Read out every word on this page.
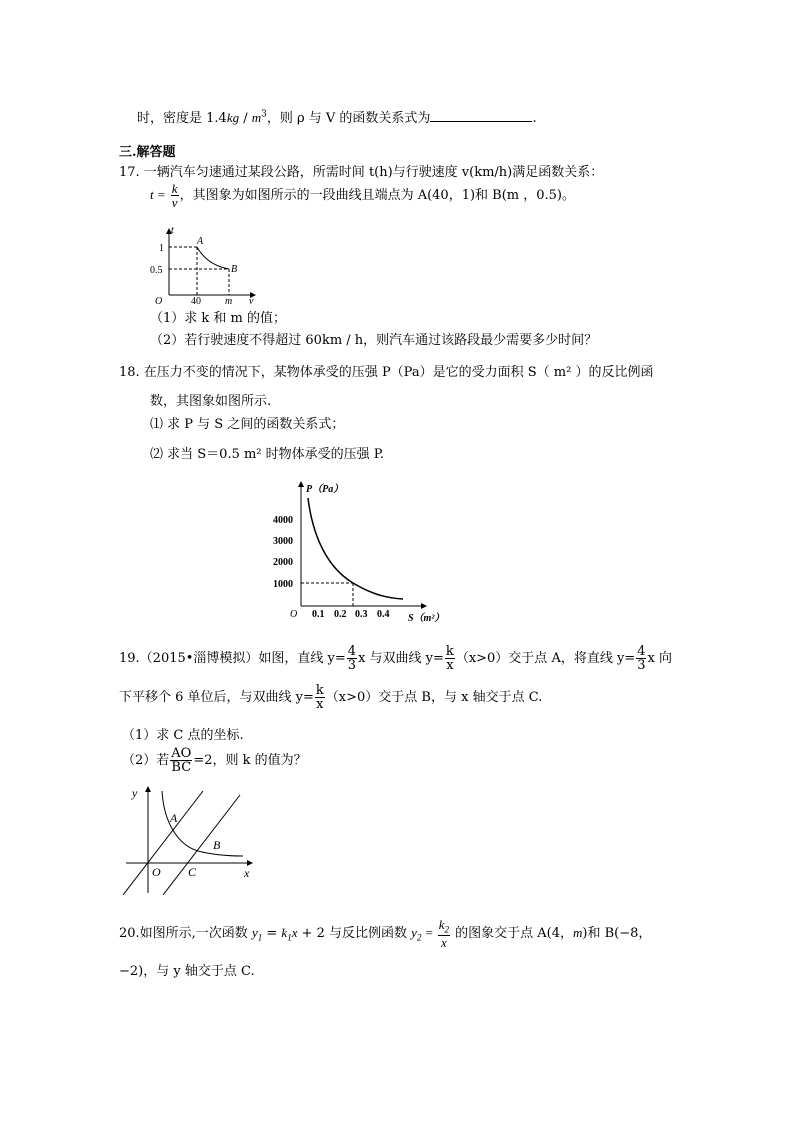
时，密度是 $1.4kg / m^3$，则 ρ 与 V 的函数关系式为	.
三.解答题
17. 一辆汽车匀速通过某段公路，所需时间 t(h)与行驶速度 v(km/h)满足函数关系：
$t = \frac{k}{v}$ ，其图象为如图所示的一段曲线且端点为 A(40，1)和 B(m ，0.5)。
t
v
O
1
0.5
40 m
A
B
（1）求 k 和 m 的值；
（2）若行驶速度不得超过 60km / h，则汽车通过该路段最少需要多少时间？
18. 在压力不变的情况下，某物体承受的压强 P（Pa）是它的受力面积 S（ m² ）的反比例函
数，其图象如图所示.
⑴ 求 P 与 S 之间的函数关系式；
⑵ 求当 S＝0.5 m² 时物体承受的压强 P.
P（Pa）
4000
3000
2000
1000
O 0.1 0.2 0.3 0.4 S（m²）
19.（2015•淄博模拟）如图，直线 $y= \frac{4}{3}$ x 与双曲线 $y= \frac{k}{x} (x>0)$交于点 A，将直线 $y= \frac{4}{3}$ x 向
下平移个 6 单位后，与双曲线 $y= \frac{k}{x} (x>0)$交于点 B，与 x 轴交于点 C.
（1）求 C 点的坐标.
（2）若 $\frac{AO}{BC} =2$，则 k 的值为？
y
x
O
A
B
C
20.如图所示,一次函数 $y_1 = k_1x + 2$ 与反比例函数 $y_2 = \frac{k_2}{x}$ 的图象交于点 A(4，m)和 B(−8，
−2)，与 y 轴交于点 C.
